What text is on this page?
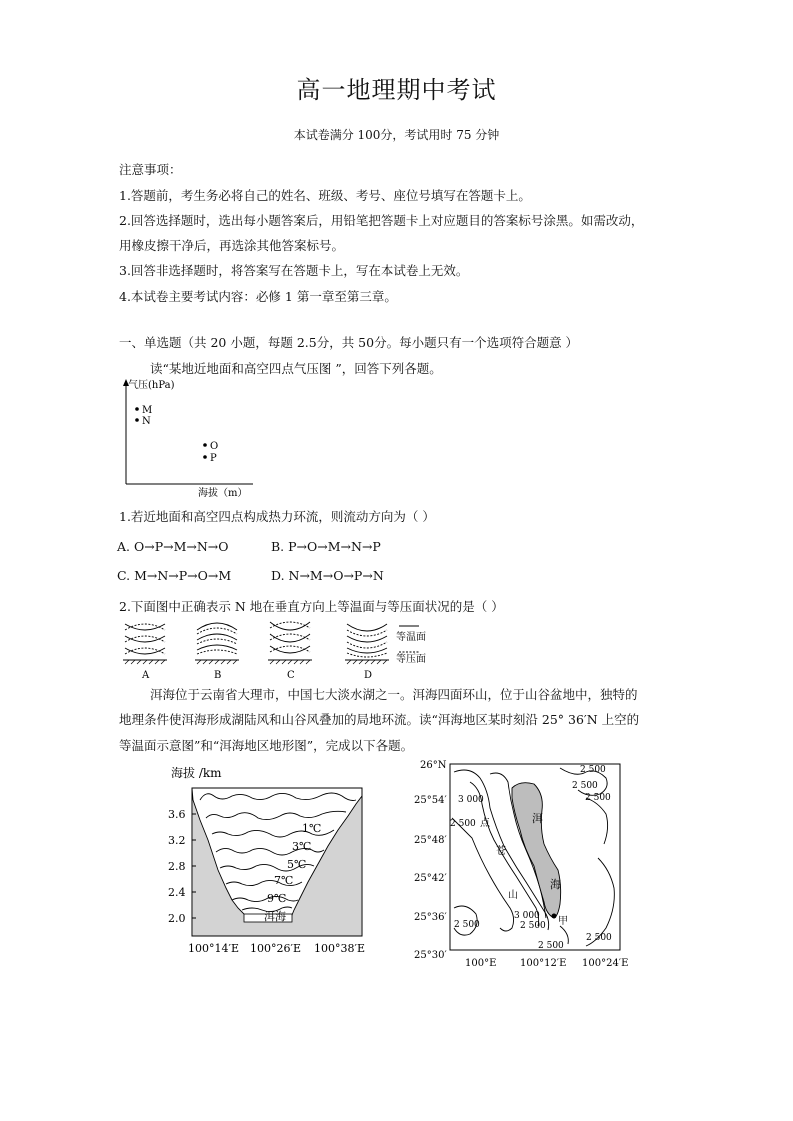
高一地理期中考试
本试卷满分 100分，考试用时 75 分钟
注意事项：
1.答题前，考生务必将自己的姓名、班级、考号、座位号填写在答题卡上。
2.回答选择题时，选出每小题答案后，用铅笔把答题卡上对应题目的答案标号涂黑。如需改动，
用橡皮擦干净后，再选涂其他答案标号。
3.回答非选择题时，将答案写在答题卡上，写在本试卷上无效。
4.本试卷主要考试内容：必修 1 第一章至第三章。
一、单选题（共 20 小题，每题 2.5分，共 50分。每小题只有一个选项符合题意 ）
读“某地近地面和高空四点气压图 ”，回答下列各题。
气压(hPa)
海拔（m）
M
N
O
P
1.若近地面和高空四点构成热力环流，则流动方向为（ ）
A. O→P→M→N→O	B. P→O→M→N→P
C. M→N→P→O→M	D. N→M→O→P→N
2.下面图中正确表示 N 地在垂直方向上等温面与等压面状况的是（ ）
A	B	C	D
等温面
等压面
洱海位于云南省大理市，中国七大淡水湖之一。洱海四面环山，位于山谷盆地中，独特的
地理条件使洱海形成湖陆风和山谷风叠加的局地环流。读“洱海地区某时刻沿 25° 36′N 上空的
等温面示意图”和“洱海地区地形图”，完成以下各题。
海拔 /km
1℃
3℃
5℃
7℃
9℃
洱海
3.6
3.2
2.8
2.4
2.0
100°14′E 100°26′E 100°38′E
26°N
25°54′
25°48′
25°42′
25°36′
25°30′
100°E 100°12′E 100°24′E
甲
洱
海
点
苍
山
2 500
2 500
2 500
3 000
2 500
3 000
2 500
2 500
2 500
2 500
